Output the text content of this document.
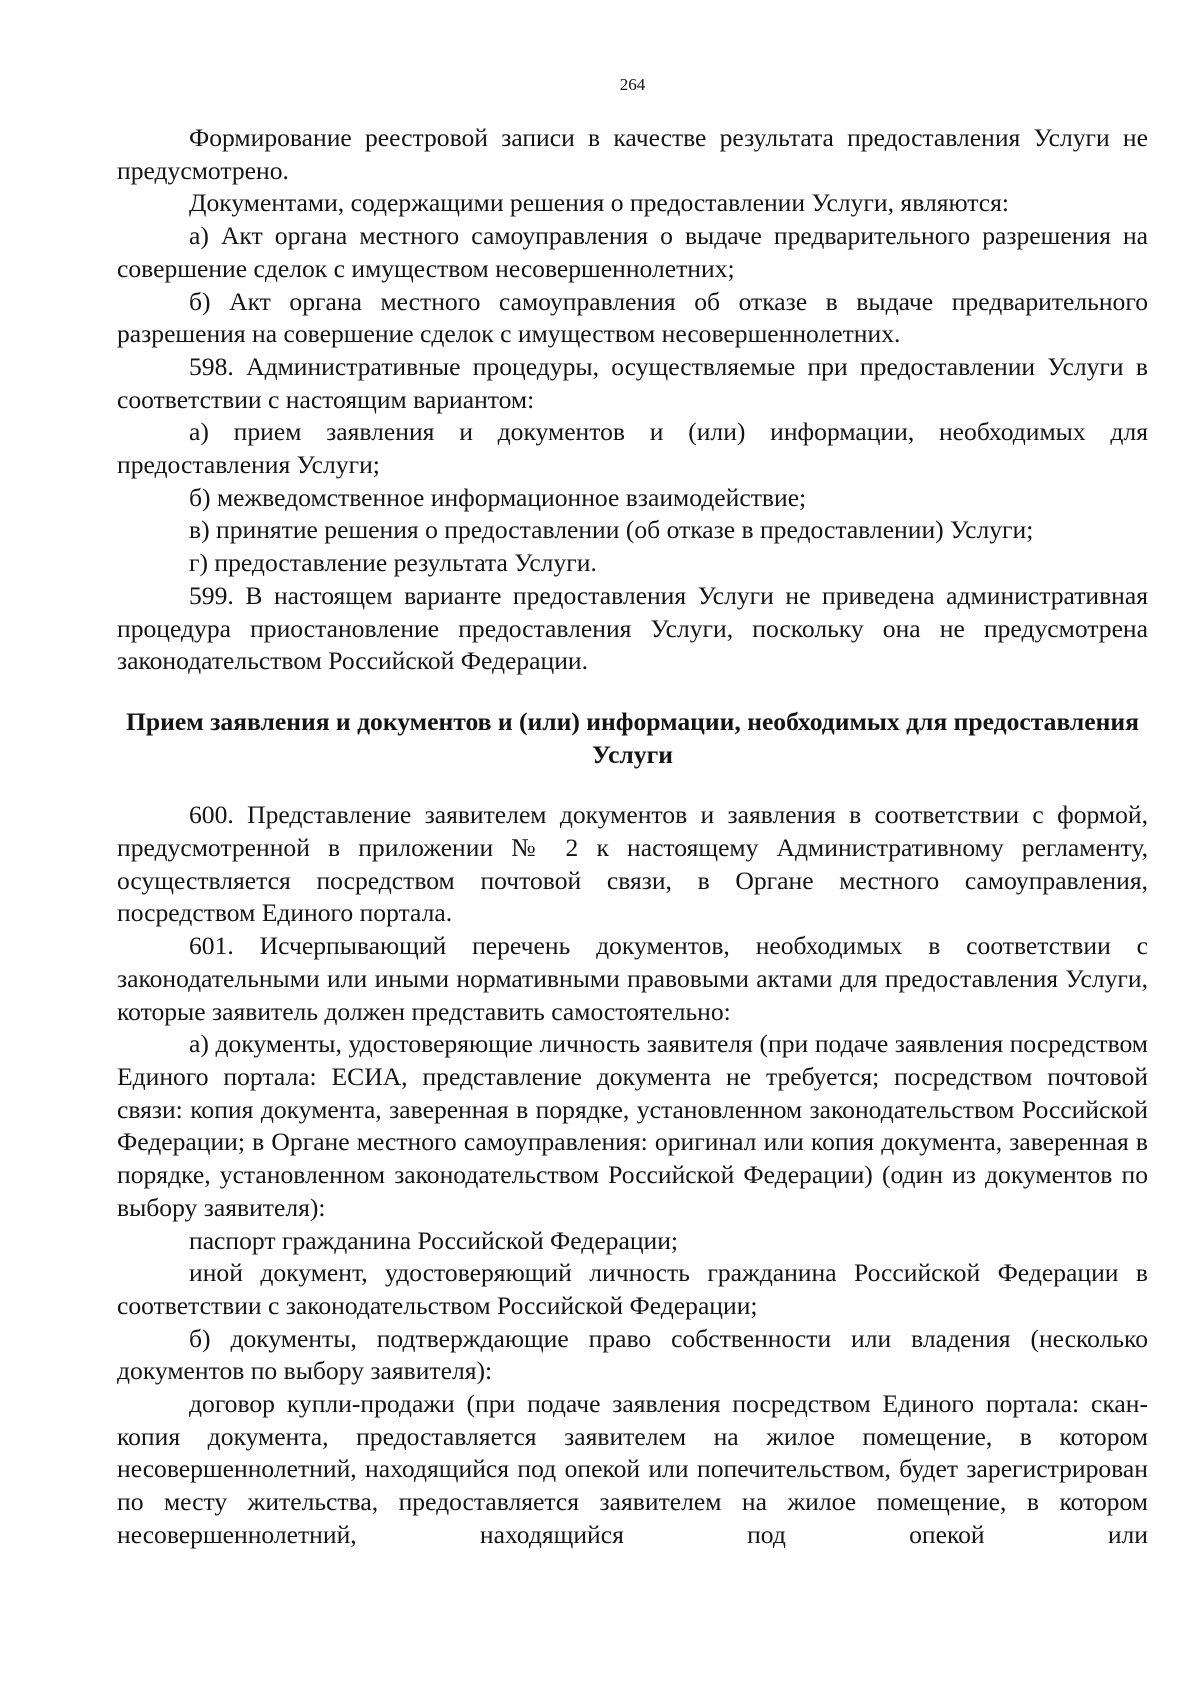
264

Формирование реестровой записи в качестве результата предоставления Услуги не предусмотрено.

Документами, содержащими решения о предоставлении Услуги, являются:

а) Акт органа местного самоуправления о выдаче предварительного разрешения на совершение сделок с имуществом несовершеннолетних;

б) Акт органа местного самоуправления об отказе в выдаче предварительного разрешения на совершение сделок с имуществом несовершеннолетних.

598. Административные процедуры, осуществляемые при предоставлении Услуги в соответствии с настоящим вариантом:

а) прием заявления и документов и (или) информации, необходимых для предоставления Услуги;

б) межведомственное информационное взаимодействие;

в) принятие решения о предоставлении (об отказе в предоставлении) Услуги;

г) предоставление результата Услуги.

599. В настоящем варианте предоставления Услуги не приведена административная процедура приостановление предоставления Услуги, поскольку она не предусмотрена законодательством Российской Федерации.

Прием заявления и документов и (или) информации, необходимых для предоставления Услуги

600. Представление заявителем документов и заявления в соответствии с формой, предусмотренной в приложении № 2 к настоящему Административному регламенту, осуществляется посредством почтовой связи, в Органе местного самоуправления, посредством Единого портала.

601. Исчерпывающий перечень документов, необходимых в соответствии с законодательными или иными нормативными правовыми актами для предоставления Услуги, которые заявитель должен представить самостоятельно:

а) документы, удостоверяющие личность заявителя (при подаче заявления посредством Единого портала: ЕСИА, представление документа не требуется; посредством почтовой связи: копия документа, заверенная в порядке, установленном законодательством Российской Федерации; в Органе местного самоуправления: оригинал или копия документа, заверенная в порядке, установленном законодательством Российской Федерации) (один из документов по выбору заявителя):

паспорт гражданина Российской Федерации;

иной документ, удостоверяющий личность гражданина Российской Федерации в соответствии с законодательством Российской Федерации;

б) документы, подтверждающие право собственности или владения (несколько документов по выбору заявителя):

договор купли-продажи (при подаче заявления посредством Единого портала: скан-копия документа, предоставляется заявителем на жилое помещение, в котором несовершеннолетний, находящийся под опекой или попечительством, будет зарегистрирован по месту жительства, предоставляется заявителем на жилое помещение, в котором несовершеннолетний, находящийся под опекой или
